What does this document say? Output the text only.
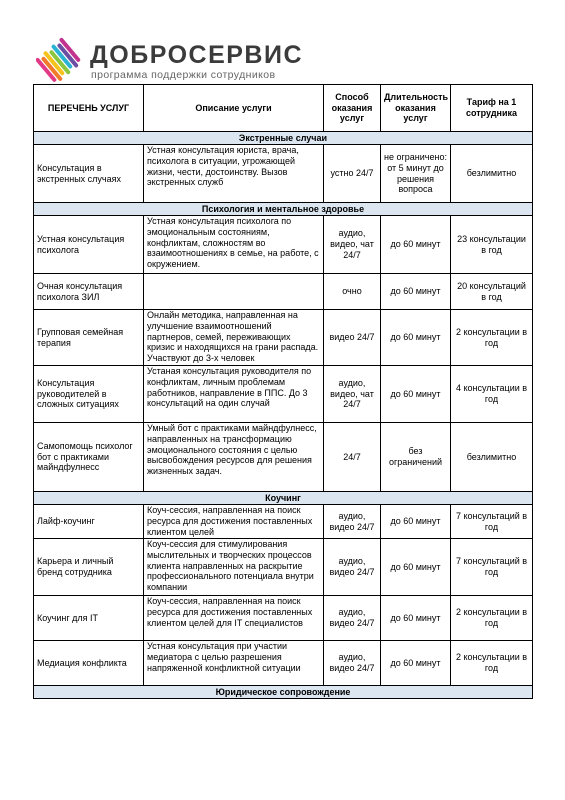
ДОБРОСЕРВИС
программа поддержки сотрудников
ПЕРЕЧЕНЬ УСЛУГ	Описание услуги	Способ оказания услуг	Длительность оказания услуг	Тариф на 1 сотрудника
Экстренные случаи				
Консультация в экстренных случаях	Устная консультация юриста, врача, психолога в ситуации, угрожающей жизни, чести, достоинству. Вызов экстренных служб	устно 24/7	не ограничено: от 5 минут до решения вопроса	безлимитно
Психология и ментальное здоровье				
Устная консультация психолога	Устная консультация психолога по эмоциональным состояниям, конфликтам, сложностям во взаимоотношениях в семье, на работе, с окружением.	аудио, видео, чат 24/7	до 60 минут	23 консультации в год
Очная консультация психолога ЗИЛ		очно	до 60 минут	20 консультаций в год
Групповая семейная терапия	Онлайн методика, направленная на улучшение взаимоотношений партнеров, семей, переживающих кризис и находящихся на грани распада. Участвуют до 3-х человек	видео 24/7	до 60 минут	2 консультации в год
Консультация руководителей в сложных ситуациях	Устаная консультация руководителя по конфликтам, личным проблемам работников, направление в ППС. До 3 консультаций на один случай	аудио, видео, чат 24/7	до 60 минут	4 консультации в год
Самопомощь психолог бот с практиками майндфулнесс	Умный бот с практиками майндфулнесс, направленных на трансформацию эмоционального состояния с целью высвобождения ресурсов для решения жизненных задач.	24/7	без ограничений	безлимитно
Коучинг				
Лайф-коучинг	Коуч-сессия, направленная на поиск ресурса для достижения поставленных клиентом целей	аудио, видео 24/7	до 60 минут	7 консультаций в год
Карьера и личный бренд сотрудника	Коуч-сессия для стимулирования мыслительных и творческих процессов клиента направленных на раскрытие профессионального потенциала внутри компании	аудио, видео 24/7	до 60 минут	7 консультаций в год
Коучинг для IT	Коуч-сессия, направленная на поиск ресурса для достижения поставленных клиентом целей для IT специалистов	аудио, видео 24/7	до 60 минут	2 консультации в год
Медиация конфликта	Устная консультация при участии медиатора с целью разрешения напряженной конфликтной ситуации	аудио, видео 24/7	до 60 минут	2 консультации в год
Юридическое сопровождение				
